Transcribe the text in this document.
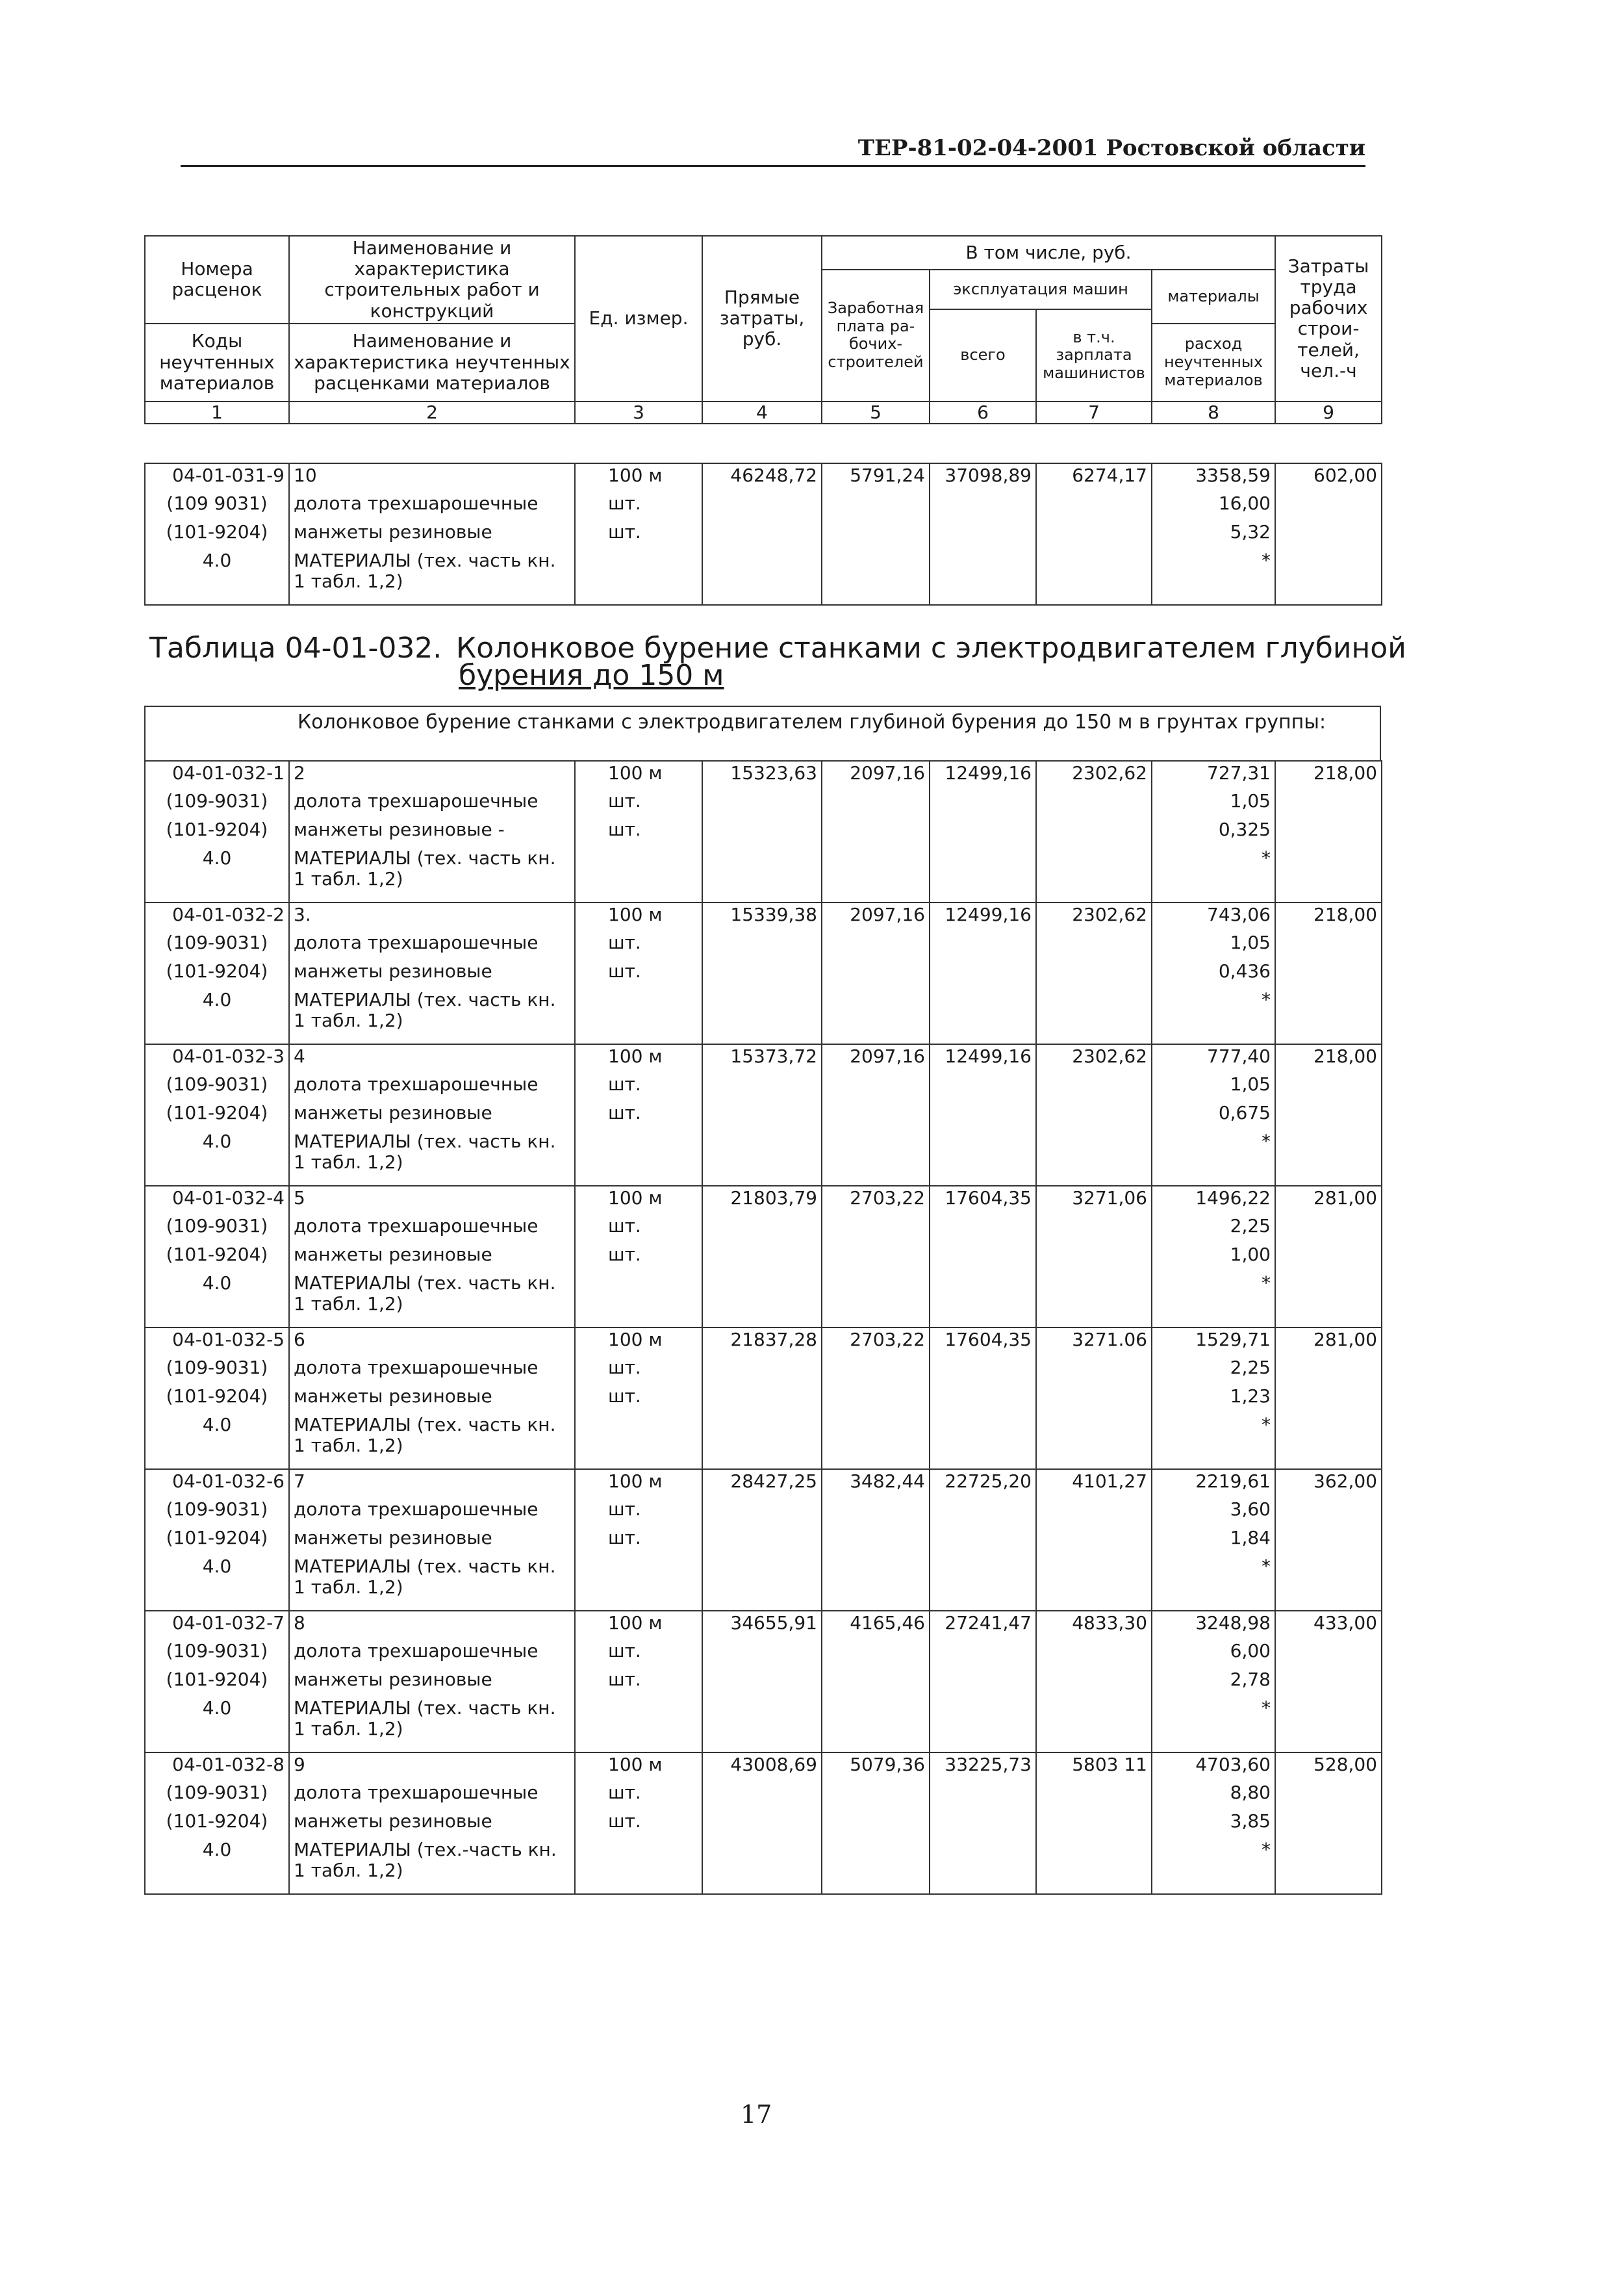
ТЕР-81-02-04-2001 Ростовской области
Номера расценок	Наименование и характеристика строительных работ и конструкций	Ед. измер.	Прямые затраты, руб.	В том числе, руб.				Затраты труда рабочих строи-телей, чел.-ч
				Заработная плата ра-бочих-строителей	эксплуатация машин		материалы	
					всего	в т.ч. зарплата машинистов		
Коды неучтенных материалов	Наименование и характеристика неучтенных расценками материалов						расход неучтенных материалов	

1	2	3	4	5	6	7	8	9
04-01-031-9	10	100 м	46248,72	5791,24	37098,89	6274,17	3358,59	602,00
(109 9031)	долота трехшарошечные	шт.					16,00	
(101-9204)	манжеты резиновые	шт.					5,32	
4.0	МАТЕРИАЛЫ (тех. часть кн. 1 табл. 1,2)						*	
Таблица 04-01-032. Колонковое бурение станками с электродвигателем глубиной
бурения до 150 м
Колонковое бурение станками с электродвигателем глубиной бурения до 150 м в грунтах группы:
04-01-032-1	2	100 м	15323,63	2097,16	12499,16	2302,62	727,31	218,00
(109-9031)	долота трехшарошечные	шт.					1,05	
(101-9204)	манжеты резиновые -	шт.					0,325	
4.0	МАТЕРИАЛЫ (тех. часть кн. 1 табл. 1,2)						*	
04-01-032-2	3.	100 м	15339,38	2097,16	12499,16	2302,62	743,06	218,00
(109-9031)	долота трехшарошечные	шт.					1,05	
(101-9204)	манжеты резиновые	шт.					0,436	
4.0	МАТЕРИАЛЫ (тех. часть кн. 1 табл. 1,2)						*	
04-01-032-3	4	100 м	15373,72	2097,16	12499,16	2302,62	777,40	218,00
(109-9031)	долота трехшарошечные	шт.					1,05	
(101-9204)	манжеты резиновые	шт.					0,675	
4.0	МАТЕРИАЛЫ (тех. часть кн. 1 табл. 1,2)						*	
04-01-032-4	5	100 м	21803,79	2703,22	17604,35	3271,06	1496,22	281,00
(109-9031)	долота трехшарошечные	шт.					2,25	
(101-9204)	манжеты резиновые	шт.					1,00	
4.0	МАТЕРИАЛЫ (тех. часть кн. 1 табл. 1,2)						*	
04-01-032-5	6	100 м	21837,28	2703,22	17604,35	3271.06	1529,71	281,00
(109-9031)	долота трехшарошечные	шт.					2,25	
(101-9204)	манжеты резиновые	шт.					1,23	
4.0	МАТЕРИАЛЫ (тех. часть кн. 1 табл. 1,2)						*	
04-01-032-6	7	100 м	28427,25	3482,44	22725,20	4101,27	2219,61	362,00
(109-9031)	долота трехшарошечные	шт.					3,60	
(101-9204)	манжеты резиновые	шт.					1,84	
4.0	МАТЕРИАЛЫ (тех. часть кн. 1 табл. 1,2)						*	
04-01-032-7	8	100 м	34655,91	4165,46	27241,47	4833,30	3248,98	433,00
(109-9031)	долота трехшарошечные	шт.					6,00	
(101-9204)	манжеты резиновые	шт.					2,78	
4.0	МАТЕРИАЛЫ (тех. часть кн. 1 табл. 1,2)						*	
04-01-032-8	9	100 м	43008,69	5079,36	33225,73	5803 11	4703,60	528,00
(109-9031)	долота трехшарошечные	шт.					8,80	
(101-9204)	манжеты резиновые	шт.					3,85	
4.0	МАТЕРИАЛЫ (тех.-часть кн. 1 табл. 1,2)						*	
17
